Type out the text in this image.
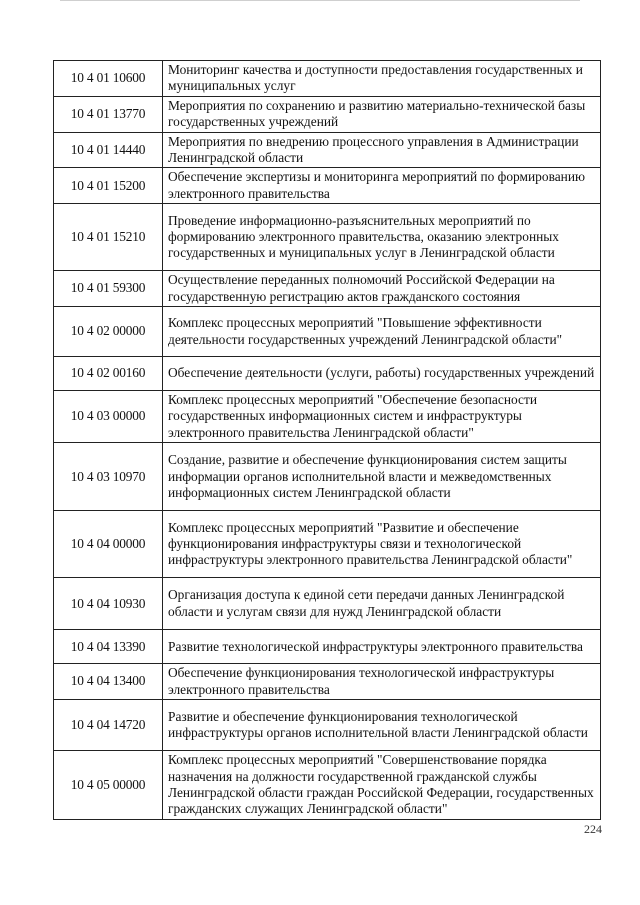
10 4 01 10600	Мониторинг качества и доступности предоставления государственных и муниципальных услуг
10 4 01 13770	Мероприятия по сохранению и развитию материально-технической базы государственных учреждений
10 4 01 14440	Мероприятия по внедрению процессного управления в Администрации Ленинградской области
10 4 01 15200	Обеспечение экспертизы и мониторинга мероприятий по формированию электронного правительства
10 4 01 15210	Проведение информационно-разъяснительных мероприятий по формированию электронного правительства, оказанию электронных государственных и муниципальных услуг в Ленинградской области
10 4 01 59300	Осуществление переданных полномочий Российской Федерации на государственную регистрацию актов гражданского состояния
10 4 02 00000	Комплекс процессных мероприятий "Повышение эффективности деятельности государственных учреждений Ленинградской области"
10 4 02 00160	Обеспечение деятельности (услуги, работы) государственных учреждений
10 4 03 00000	Комплекс процессных мероприятий "Обеспечение безопасности государственных информационных систем и инфраструктуры электронного правительства Ленинградской области"
10 4 03 10970	Создание, развитие и обеспечение функционирования систем защиты информации органов исполнительной власти и межведомственных информационных систем Ленинградской области
10 4 04 00000	Комплекс процессных мероприятий "Развитие и обеспечение функционирования инфраструктуры связи и технологической инфраструктуры электронного правительства Ленинградской области"
10 4 04 10930	Организация доступа к единой сети передачи данных Ленинградской области и услугам связи для нужд Ленинградской области
10 4 04 13390	Развитие технологической инфраструктуры электронного правительства
10 4 04 13400	Обеспечение функционирования технологической инфраструктуры электронного правительства
10 4 04 14720	Развитие и обеспечение функционирования технологической инфраструктуры органов исполнительной власти Ленинградской области
10 4 05 00000	Комплекс процессных мероприятий "Совершенствование порядка назначения на должности государственной гражданской службы Ленинградской области граждан Российской Федерации, государственных гражданских служащих Ленинградской области"
224
